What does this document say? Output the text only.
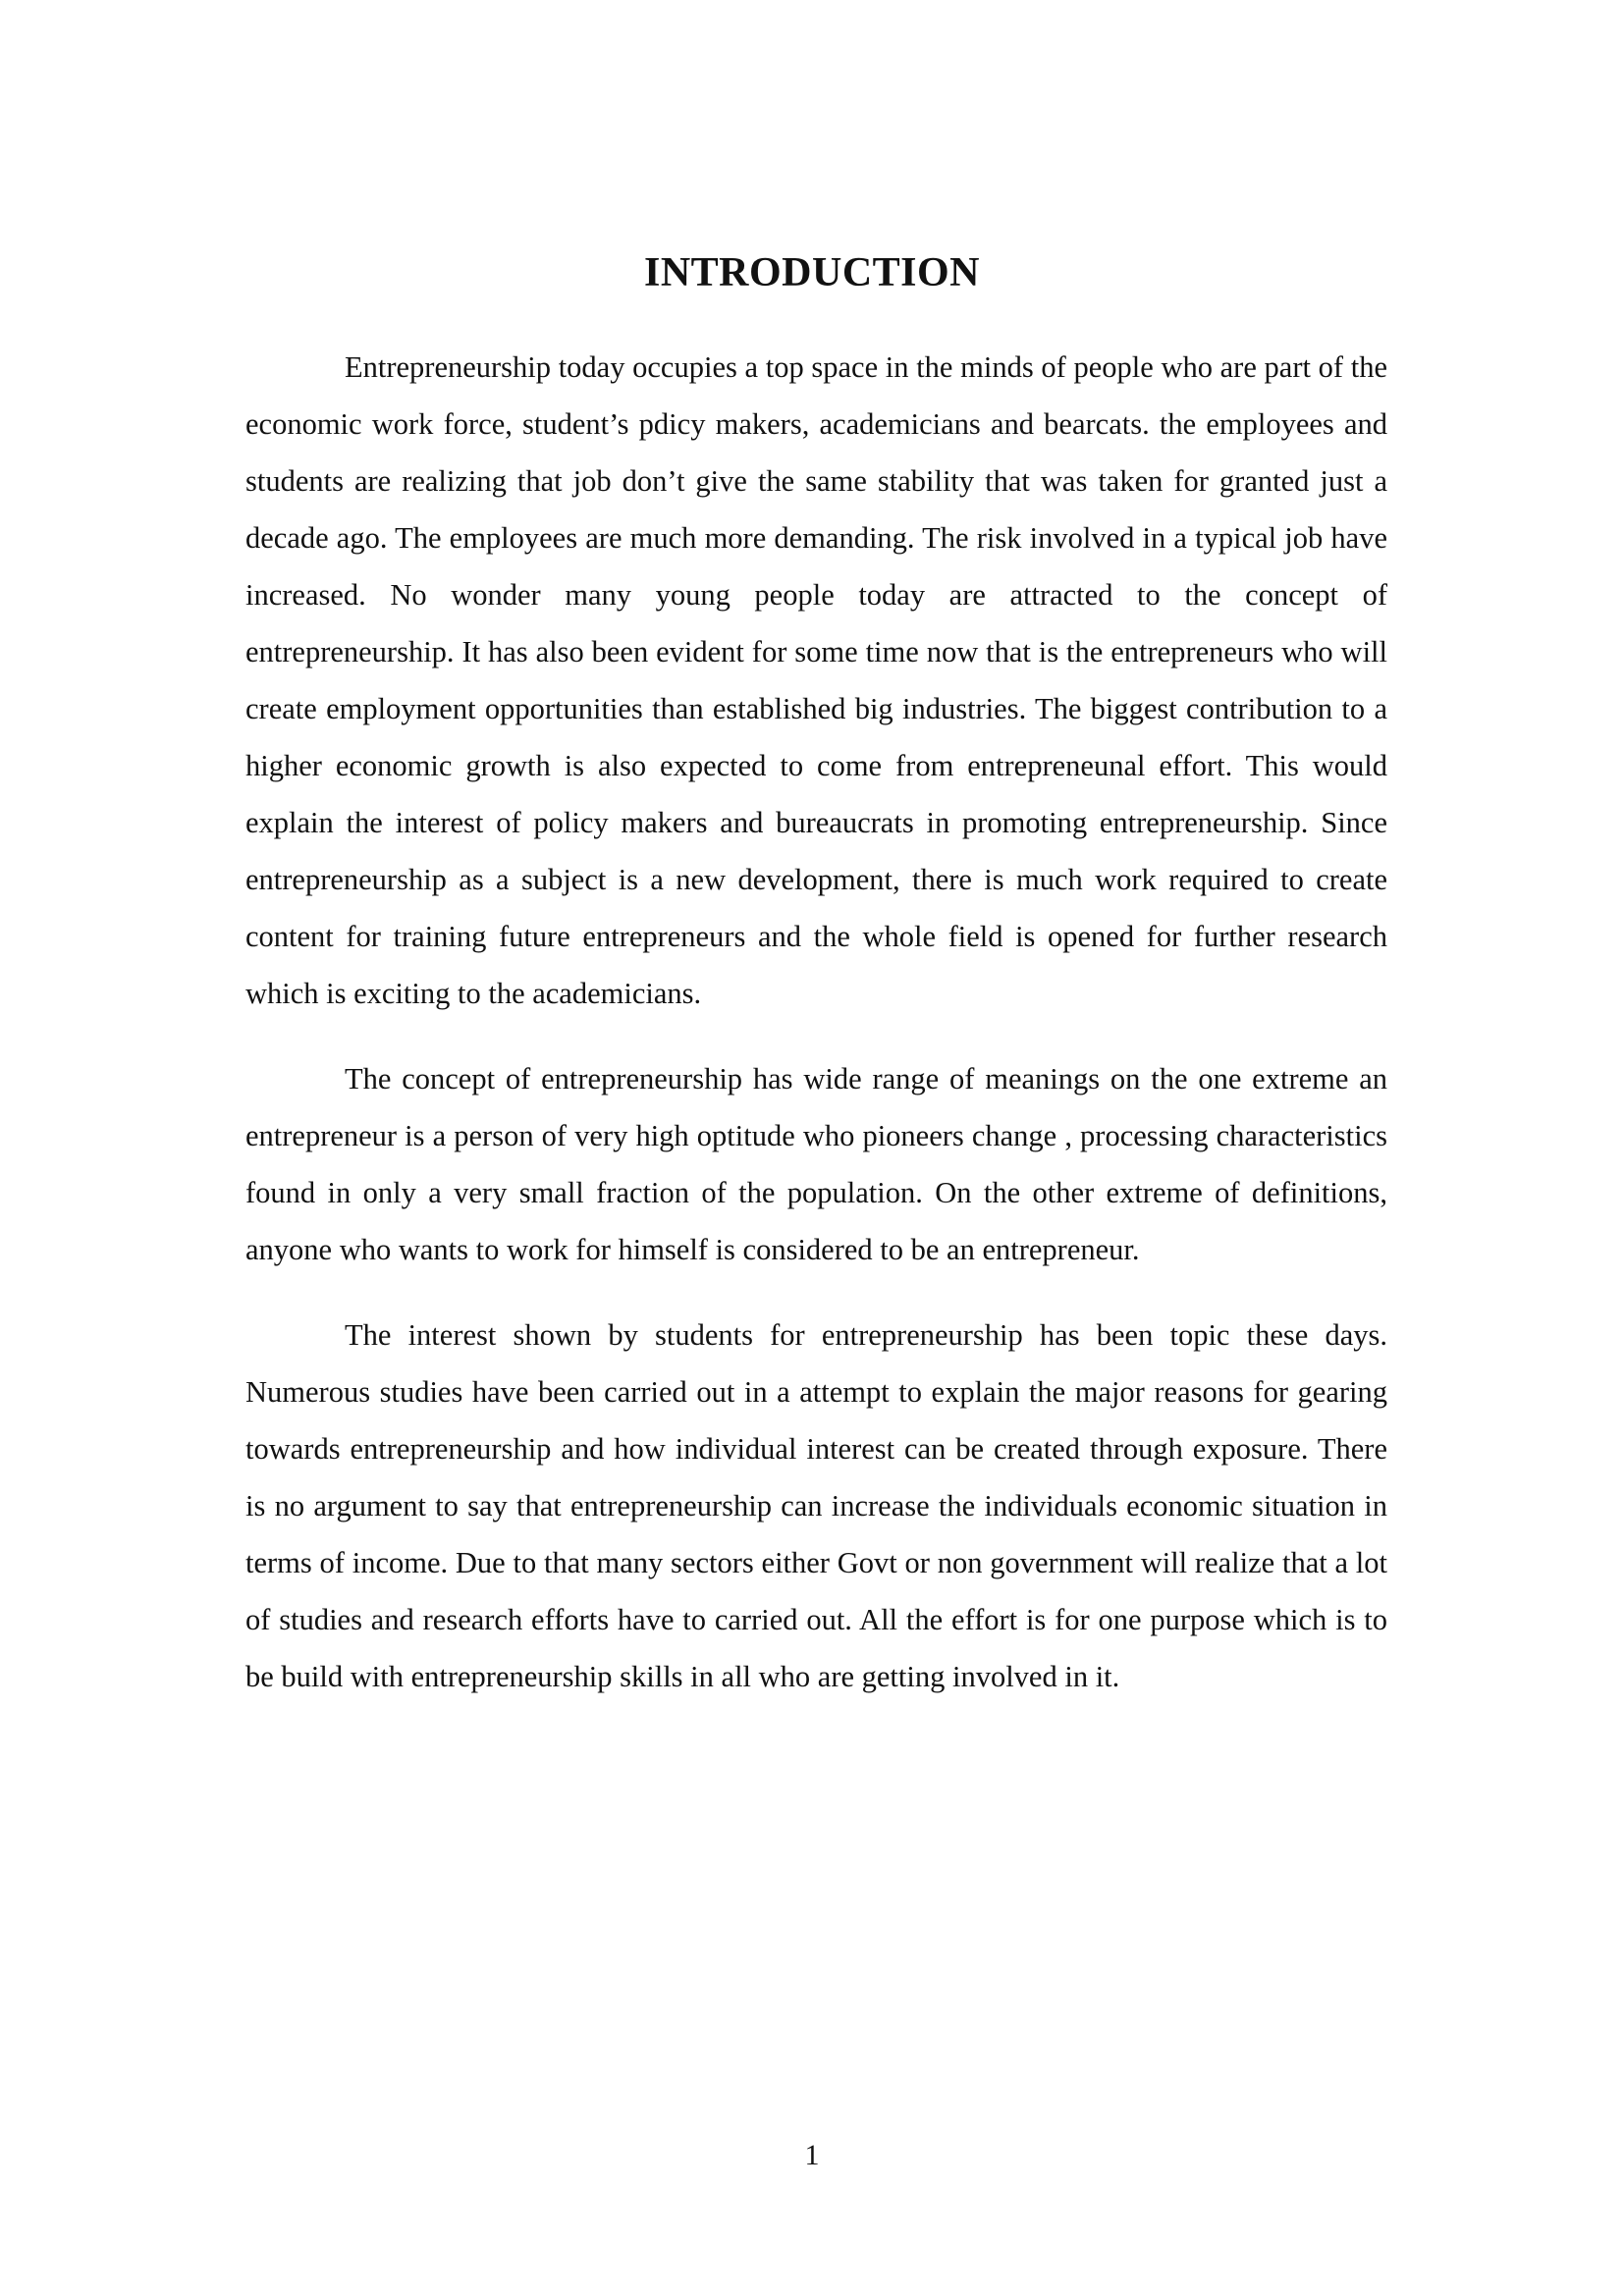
INTRODUCTION

Entrepreneurship today occupies a top space in the minds of people who are part of the economic work force, student’s pdicy makers, academicians and bearcats. the employees and students are realizing that job don’t give the same stability that was taken for granted just a decade ago. The employees are much more demanding. The risk involved in a typical job have increased. No wonder many young people today are attracted to the concept of entrepreneurship. It has also been evident for some time now that is the entrepreneurs who will create employment opportunities than established big industries. The biggest contribution to a higher economic growth is also expected to come from entrepreneunal effort. This would explain the interest of policy makers and bureaucrats in promoting entrepreneurship. Since entrepreneurship as a subject is a new development, there is much work required to create content for training future entrepreneurs and the whole field is opened for further research which is exciting to the academicians.

The concept of entrepreneurship has wide range of meanings on the one extreme an entrepreneur is a person of very high optitude who pioneers change , processing characteristics found in only a very small fraction of the population. On the other extreme of definitions, anyone who wants to work for himself is considered to be an entrepreneur.

The interest shown by students for entrepreneurship has been topic these days. Numerous studies have been carried out in a attempt to explain the major reasons for gearing towards entrepreneurship and how individual interest can be created through exposure. There is no argument to say that entrepreneurship can increase the individuals economic situation in terms of income. Due to that many sectors either Govt or non government will realize that a lot of studies and research efforts have to carried out. All the effort is for one purpose which is to be build with entrepreneurship skills in all who are getting involved in it.

1
